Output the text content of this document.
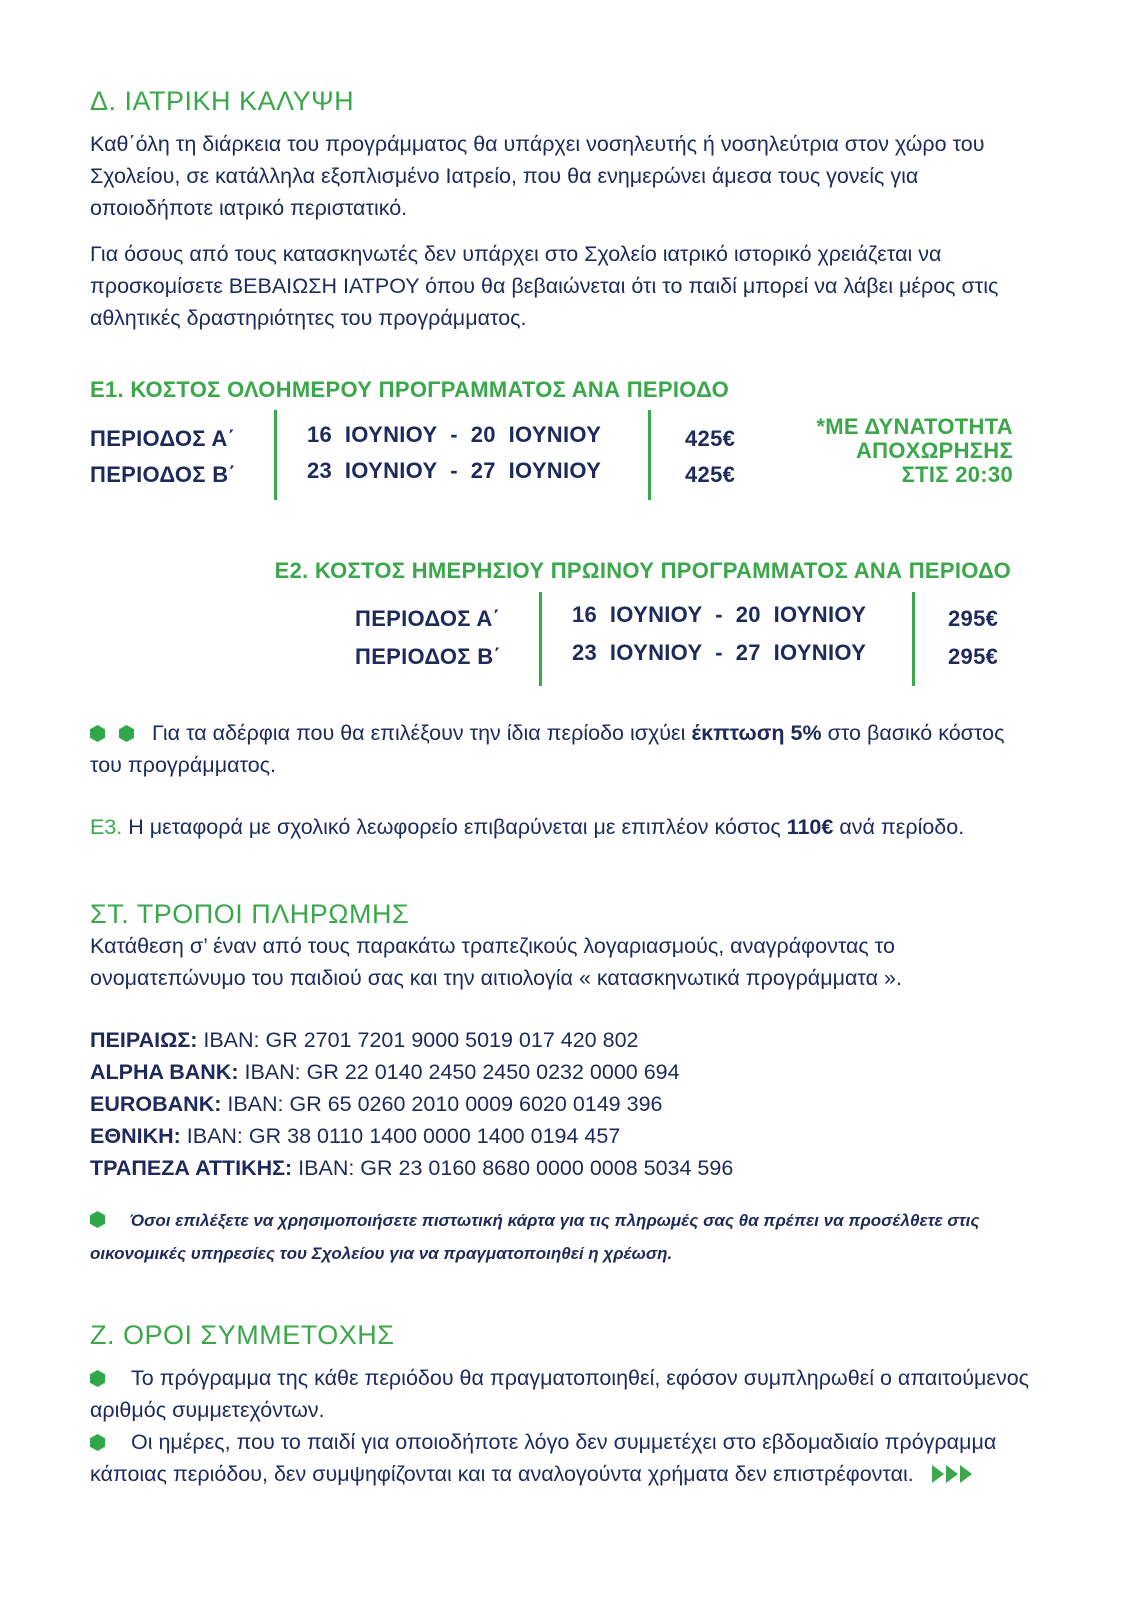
Δ. ΙΑΤΡΙΚΗ ΚΑΛΥΨΗ

Καθ΄όλη τη διάρκεια του προγράμματος θα υπάρχει νοσηλευτής ή νοσηλεύτρια στον χώρο του Σχολείου, σε κατάλληλα εξοπλισμένο Ιατρείο, που θα ενημερώνει άμεσα τους γονείς για οποιοδήποτε ιατρικό περιστατικό.

Για όσους από τους κατασκηνωτές δεν υπάρχει στο Σχολείο ιατρικό ιστορικό χρειάζεται να προσκομίσετε ΒΕΒΑΙΩΣΗ ΙΑΤΡΟΥ όπου θα βεβαιώνεται ότι το παιδί μπορεί να λάβει μέρος στις αθλητικές δραστηριότητες του προγράμματος.

Ε1. ΚΟΣΤΟΣ ΟΛΟΗΜΕΡΟΥ ΠΡΟΓΡΑΜΜΑΤΟΣ ΑΝΑ ΠΕΡΙΟΔΟ
ΠΕΡΙΟΔΟΣ Α΄
ΠΕΡΙΟΔΟΣ Β΄
16  ΙΟΥΝΙΟΥ  -  20  ΙΟΥΝΙΟΥ
23  ΙΟΥΝΙΟΥ  -  27  ΙΟΥΝΙΟΥ
425€
425€
*ΜΕ ΔΥΝΑΤΟΤΗΤΑ
ΑΠΟΧΩΡΗΣΗΣ
ΣΤΙΣ 20:30
Ε2. ΚΟΣΤΟΣ ΗΜΕΡΗΣΙΟΥ ΠΡΩΙΝΟΥ ΠΡΟΓΡΑΜΜΑΤΟΣ ΑΝΑ ΠΕΡΙΟΔΟ
ΠΕΡΙΟΔΟΣ Α΄
ΠΕΡΙΟΔΟΣ Β΄
16  ΙΟΥΝΙΟΥ  -  20  ΙΟΥΝΙΟΥ
23  ΙΟΥΝΙΟΥ  -  27  ΙΟΥΝΙΟΥ
295€
295€

Για τα αδέρφια που θα επιλέξουν την ίδια περίοδο ισχύει έκπτωση 5% στο βασικό κόστος του προγράμματος.

Ε3. Η μεταφορά με σχολικό λεωφορείο επιβαρύνεται με επιπλέον κόστος 110€ ανά περίοδο.

ΣΤ. ΤΡΟΠΟΙ ΠΛΗΡΩΜΗΣ

Κατάθεση σ’ έναν από τους παρακάτω τραπεζικούς λογαριασμούς, αναγράφοντας το ονοματεπώνυμο του παιδιού σας και την αιτιολογία « κατασκηνωτικά προγράμματα ».

ΠΕΙΡΑΙΩΣ: IBAN: GR 2701 7201 9000 5019 017 420 802
ALPHA BANK: IBAN: GR 22 0140 2450 2450 0232 0000 694
EUROBANK: IBAN: GR 65 0260 2010 0009 6020 0149 396
ΕΘΝΙΚΗ: IBAN: GR 38 0110 1400 0000 1400 0194 457
ΤΡΑΠΕΖΑ ΑΤΤΙΚΗΣ: IBAN: GR 23 0160 8680 0000 0008 5034 596

Όσοι επιλέξετε να χρησιμοποιήσετε πιστωτική κάρτα για τις πληρωμές σας θα πρέπει να προσέλθετε στις οικονομικές υπηρεσίες του Σχολείου για να πραγματοποιηθεί η χρέωση.

Ζ. ΟΡΟΙ ΣΥΜΜΕΤΟΧΗΣ

Το πρόγραμμα της κάθε περιόδου θα πραγματοποιηθεί, εφόσον συμπληρωθεί ο απαιτούμενος αριθμός συμμετεχόντων.

Οι ημέρες, που το παιδί για οποιοδήποτε λόγο δεν συμμετέχει στο εβδομαδιαίο πρόγραμμα κάποιας περιόδου, δεν συμψηφίζονται και τα αναλογούντα χρήματα δεν επιστρέφονται.
